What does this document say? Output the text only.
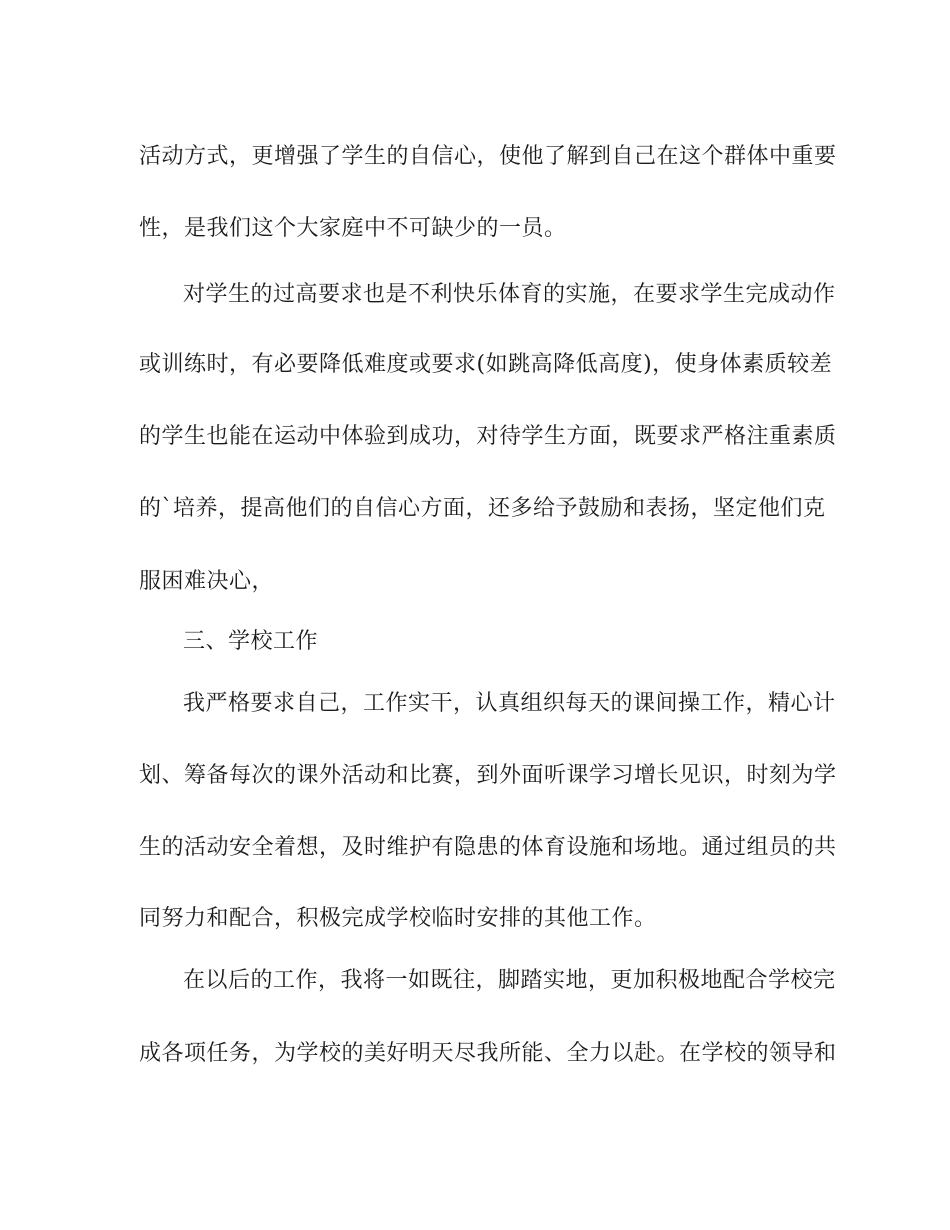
活动方式，更增强了学生的自信心，使他了解到自己在这个群体中重要
性，是我们这个大家庭中不可缺少的一员。
对学生的过高要求也是不利快乐体育的实施，在要求学生完成动作
或训练时，有必要降低难度或要求(如跳高降低高度)，使身体素质较差
的学生也能在运动中体验到成功，对待学生方面，既要求严格注重素质
的`培养，提高他们的自信心方面，还多给予鼓励和表扬，坚定他们克
服困难决心，
三、学校工作
我严格要求自己，工作实干，认真组织每天的课间操工作，精心计
划、筹备每次的课外活动和比赛，到外面听课学习增长见识，时刻为学
生的活动安全着想，及时维护有隐患的体育设施和场地。通过组员的共
同努力和配合，积极完成学校临时安排的其他工作。
在以后的工作，我将一如既往，脚踏实地，更加积极地配合学校完
成各项任务，为学校的美好明天尽我所能、全力以赴。在学校的领导和
